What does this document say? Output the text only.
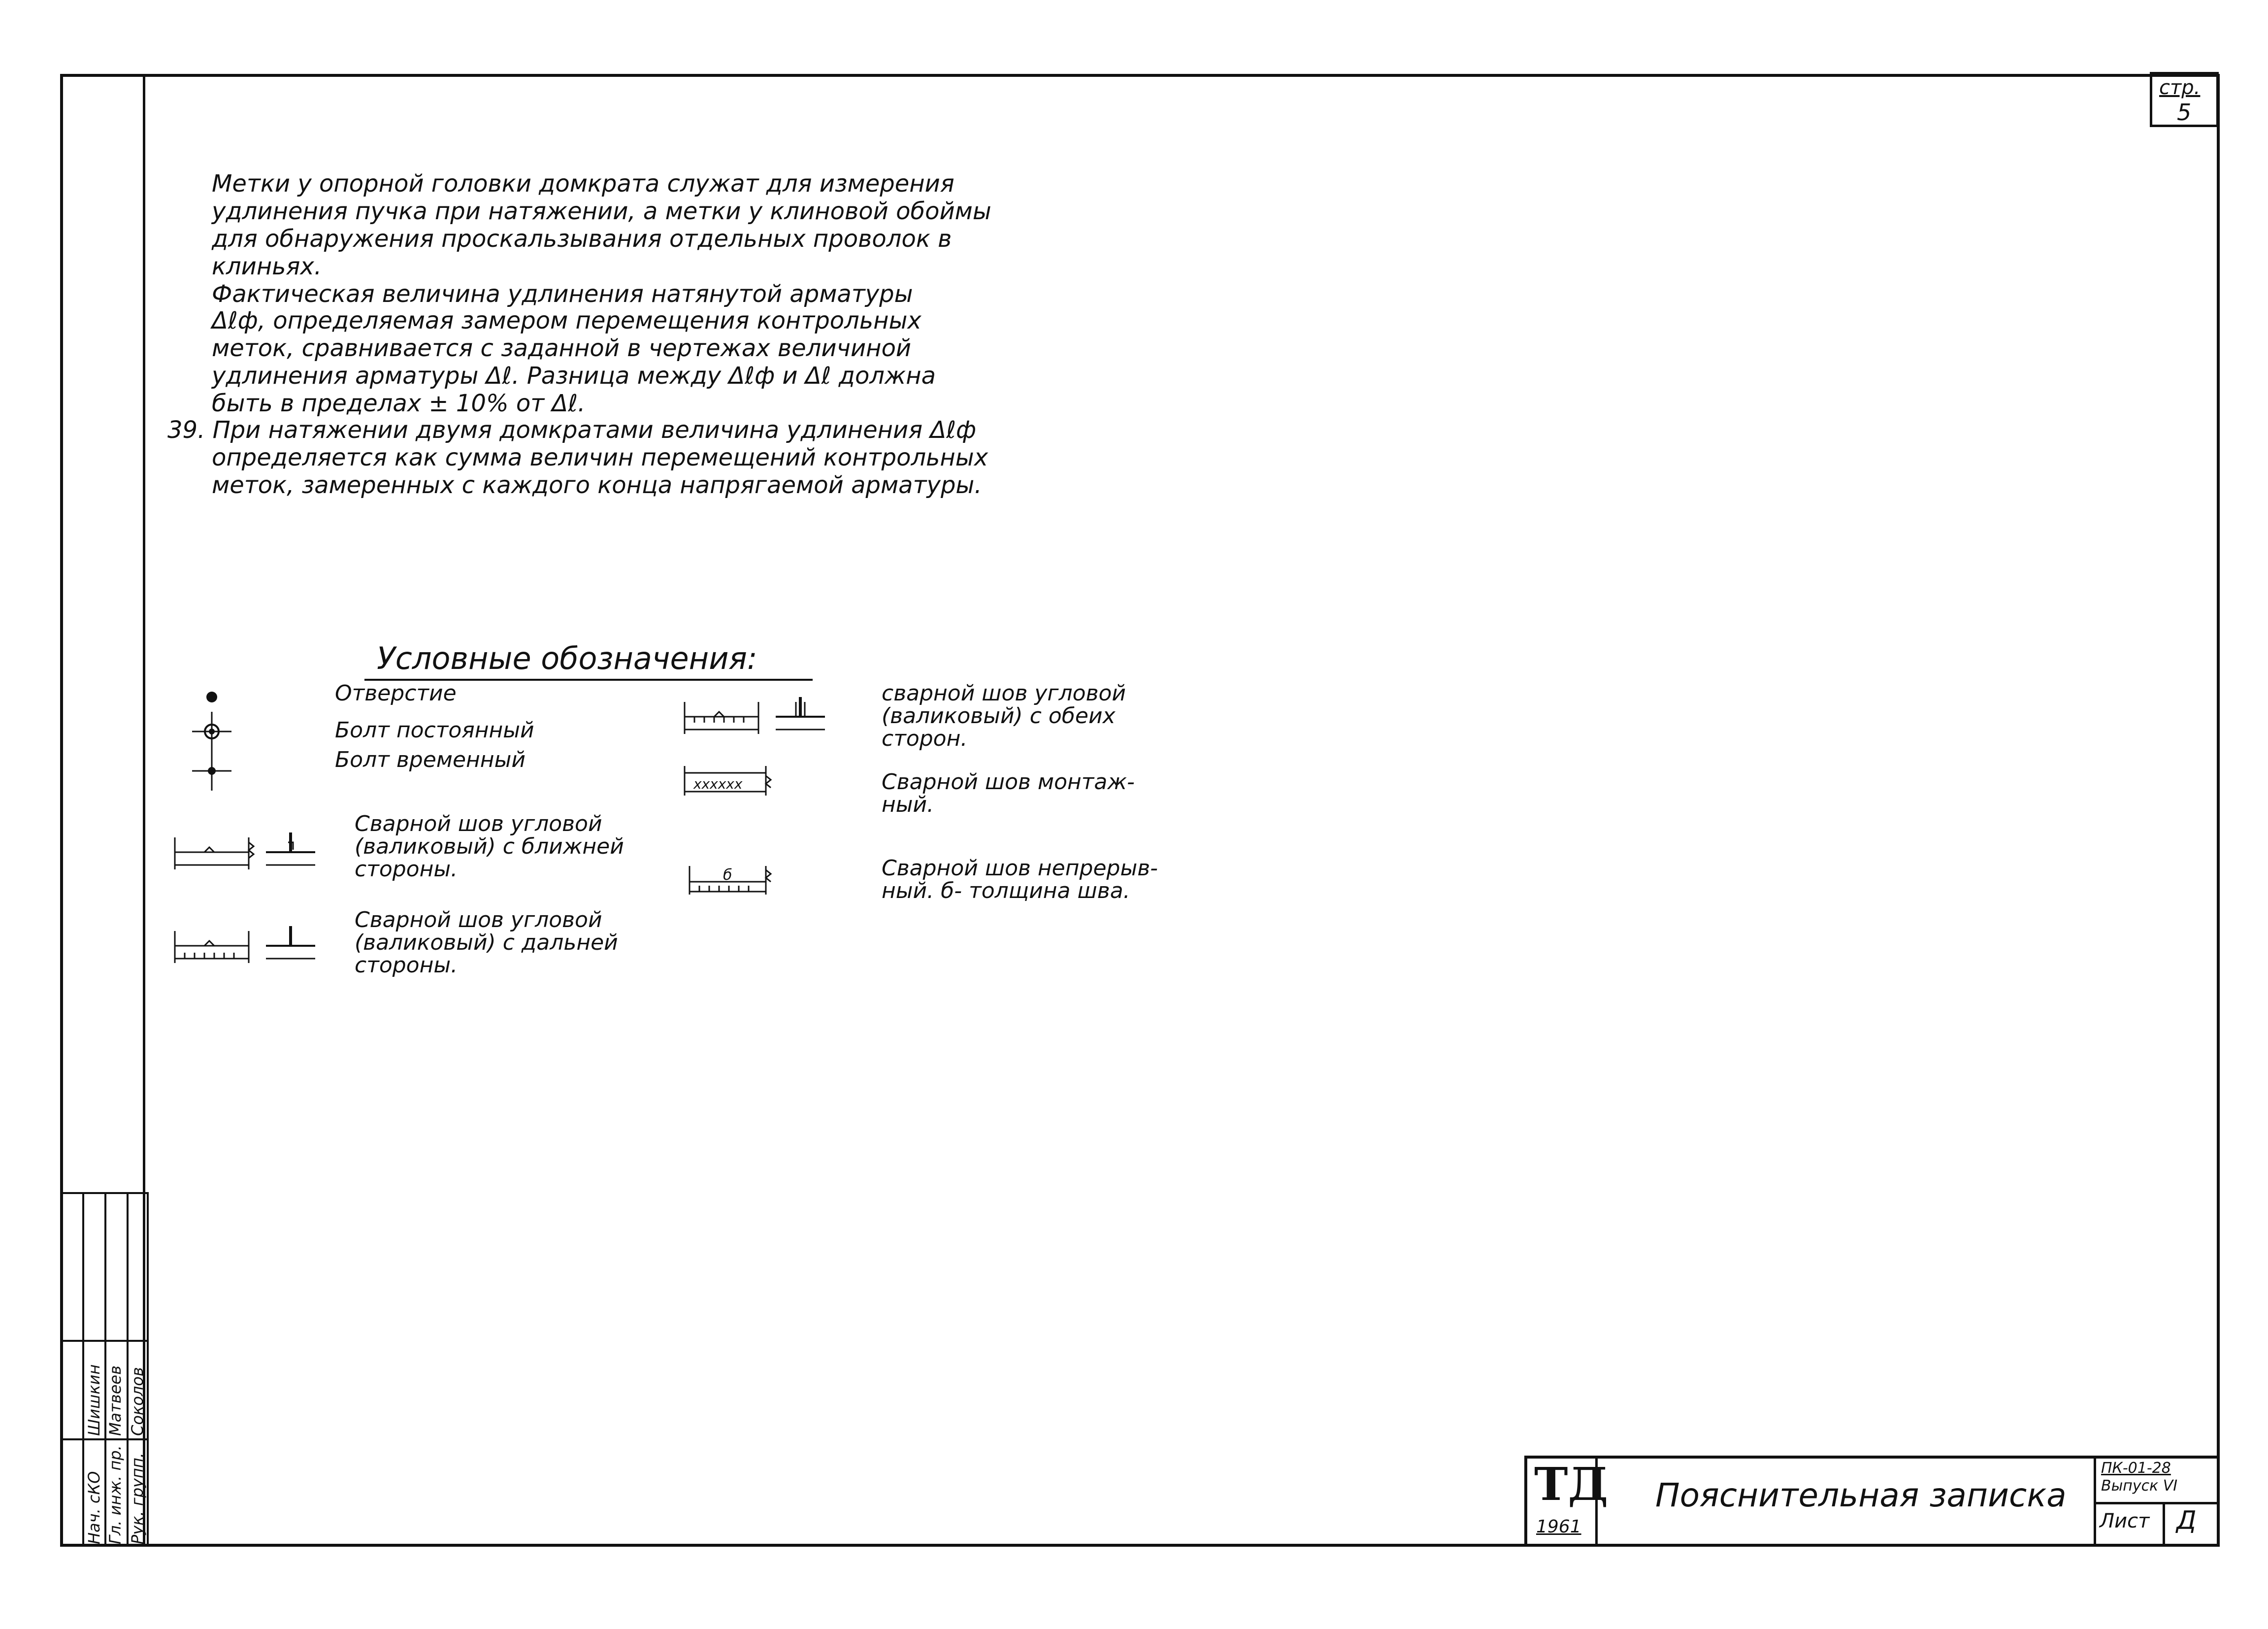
стр.
5
Метки у опорной головки домкрата служат для измерения
удлинения пучка при натяжении, а метки у клиновой обоймы
для обнаружения проскальзывания отдельных проволок в
клиньях.
Фактическая величина удлинения натянутой арматуры
Δℓф, определяемая замером перемещения контрольных
меток, сравнивается с заданной в чертежах величиной
удлинения арматуры Δℓ. Разница между Δℓф и Δℓ должна
быть в пределах ± 10% от Δℓ.
39. При натяжении двумя домкратами величина удлинения Δℓф
определяется как сумма величин перемещений контрольных
меток, замеренных с каждого конца напрягаемой арматуры.
Условные обозначения:
Отверстие
Болт постоянный
Болт временный
Сварной шов угловой
(валиковый) с ближней
стороны.
Сварной шов угловой
(валиковый) с дальней
стороны.
сварной шов угловой
(валиковый) с обеих
сторон.
xxxxxx	Сварной шов монтаж-
ный.
б	Сварной шов непрерыв-
ный. б- толщина шва.
Нач. сКО
Шишкин
Гл. инж. пр.
Матвеев
Рук. групп.
Соколов
ТД
1961
Пояснительная записка
ПК-01-28
Выпуск VI
Лист Д
